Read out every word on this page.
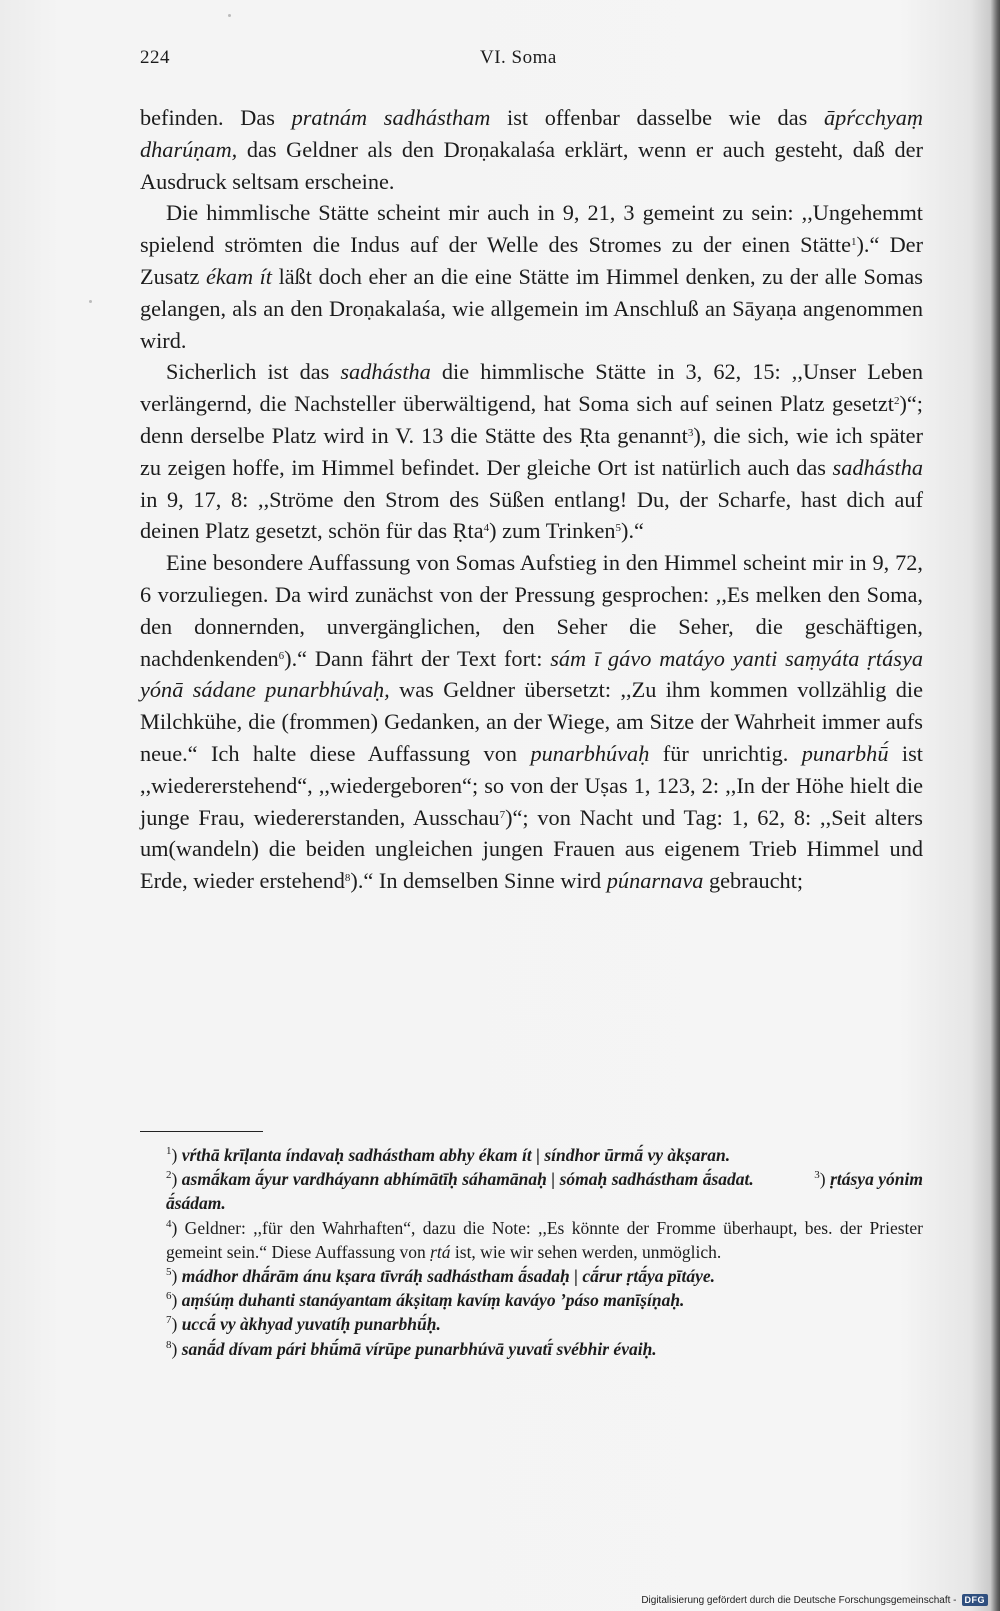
224	VI. Soma

befinden. Das pratnám sadhástham ist offenbar dasselbe wie das āpŕcchyaṃ dharúṇam, das Geldner als den Droṇakalaśa erklärt, wenn er auch gesteht, daß der Ausdruck seltsam erscheine.

Die himmlische Stätte scheint mir auch in 9, 21, 3 gemeint zu sein: ,,Ungehemmt spielend strömten die Indus auf der Welle des Stromes zu der einen Stätte$^1$).“ Der Zusatz ékam ít läßt doch eher an die eine Stätte im Himmel denken, zu der alle Somas gelangen, als an den Droṇakalaśa, wie allgemein im Anschluß an Sāyaṇa angenommen wird.

Sicherlich ist das sadhástha die himmlische Stätte in 3, 62, 15: ,,Unser Leben verlängernd, die Nachsteller überwältigend, hat Soma sich auf seinen Platz gesetzt$^2$)“; denn derselbe Platz wird in V. 13 die Stätte des Ṛta genannt$^3$), die sich, wie ich später zu zeigen hoffe, im Himmel befindet. Der gleiche Ort ist natürlich auch das sadhástha in 9, 17, 8: ,,Ströme den Strom des Süßen entlang! Du, der Scharfe, hast dich auf deinen Platz gesetzt, schön für das Ṛta$^4$) zum Trinken$^5$).“

Eine besondere Auffassung von Somas Aufstieg in den Himmel scheint mir in 9, 72, 6 vorzuliegen. Da wird zunächst von der Pressung gesprochen: ,,Es melken den Soma, den donnernden, unvergänglichen, den Seher die Seher, die geschäftigen, nachdenkenden$^6$).“ Dann fährt der Text fort: sám ī gávo matáyo yanti saṃyáta ṛtásya yónā sádane punarbhúvaḥ, was Geldner übersetzt: ,,Zu ihm kommen vollzählig die Milchkühe, die (frommen) Gedanken, an der Wiege, am Sitze der Wahrheit immer aufs neue.“ Ich halte diese Auffassung von punarbhúvaḥ für unrichtig. punarbhū́ ist ,,wiedererstehend“, ,,wiedergeboren“; so von der Uṣas 1, 123, 2: ,,In der Höhe hielt die junge Frau, wiedererstanden, Ausschau$^7$)“; von Nacht und Tag: 1, 62, 8: ,,Seit alters um(wandeln) die beiden ungleichen jungen Frauen aus eigenem Trieb Himmel und Erde, wieder erstehend$^8$).“ In demselben Sinne wird púnarnava gebraucht;

$^1$) vŕthā krīḷanta índavaḥ sadhástham abhy ékam ít | síndhor ūrmā́ vy àkṣaran.

$^2$) asmā́kam ā́yur vardháyann abhímātīḥ sáhamānaḥ | sómaḥ sadhástham ā́sadat.	$^3$) ṛtásya yónim ā́sádam.

$^4$) Geldner: ,,für den Wahrhaften“, dazu die Note: ,,Es könnte der Fromme überhaupt, bes. der Priester gemeint sein.“ Diese Auffassung von ṛtá ist, wie wir sehen werden, unmöglich.

$^5$) mádhor dhā́rām ánu kṣara tīvráḥ sadhástham ā́sadaḥ | cā́rur ṛtā́ya pītáye.

$^6$) aṃśúṃ duhanti stanáyantam ákṣitaṃ kavíṃ kaváyo ’páso manīṣíṇaḥ.

$^7$) uccā́ vy àkhyad yuvatíḥ punarbhū́ḥ.

$^8$) sanā́d dívam pári bhū́mā vírūpe punarbhúvā yuvatī́ svébhir évaiḥ.

Digitalisierung gefördert durch die Deutsche Forschungsgemeinschaft - DFG
